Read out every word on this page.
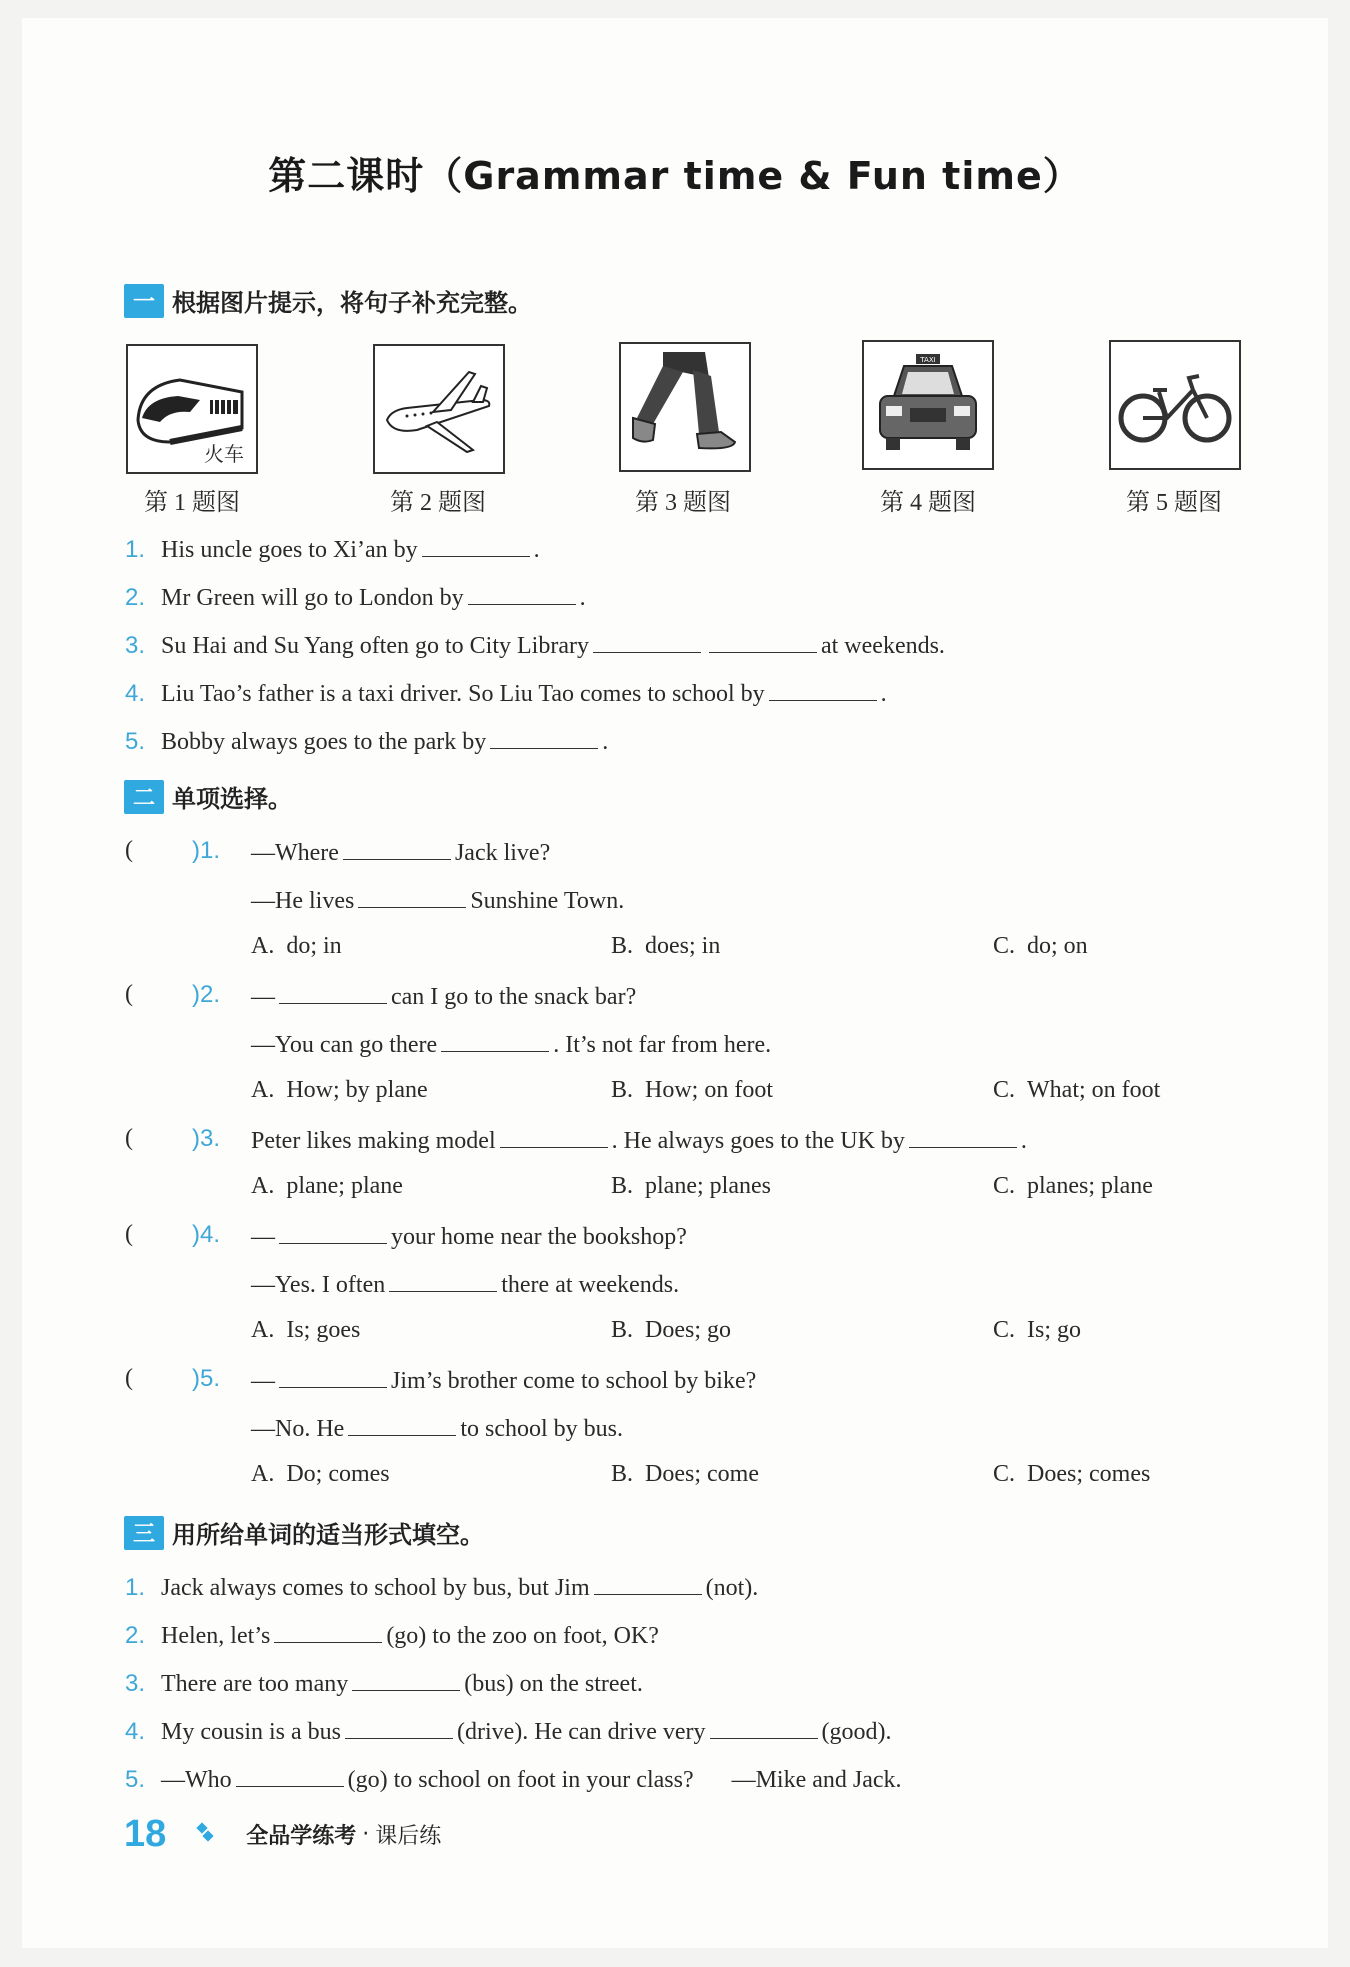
第二课时（Grammar time & Fun time）
一 根据图片提示，将句子补充完整。
火车
TAXI
第 1 题图	第 2 题图	第 3 题图	第 4 题图	第 5 题图
1. His uncle goes to Xi’an by	.
2. Mr Green will go to London by	.
3. Su Hai and Su Yang often go to City Library	at weekends.
4. Liu Tao’s father is a taxi driver. So Liu Tao comes to school by	.
5. Bobby always goes to the park by	.
二 单项选择。
( )1. —Where	Jack live?
—He lives	Sunshine Town.
A. do; in	B. does; in	C. do; on
( )2. —	can I go to the snack bar?
—You can go there	. It’s not far from here.
A. How; by plane	B. How; on foot	C. What; on foot
( )3. Peter likes making model	. He always goes to the UK by	.
A. plane; plane	B. plane; planes	C. planes; plane
( )4. —	your home near the bookshop?
—Yes. I often	there at weekends.
A. Is; goes	B. Does; go	C. Is; go
( )5. —	Jim’s brother come to school by bike?
—No. He	to school by bus.
A. Do; comes	B. Does; come	C. Does; comes
三 用所给单词的适当形式填空。
1. Jack always comes to school by bus, but Jim	(not).
2. Helen, let’s	(go) to the zoo on foot, OK?
3. There are too many	(bus) on the street.
4. My cousin is a bus	(drive). He can drive very	(good).
5. —Who	(go) to school on foot in your class? —Mike and Jack.
18	全品学练考 · 课后练
